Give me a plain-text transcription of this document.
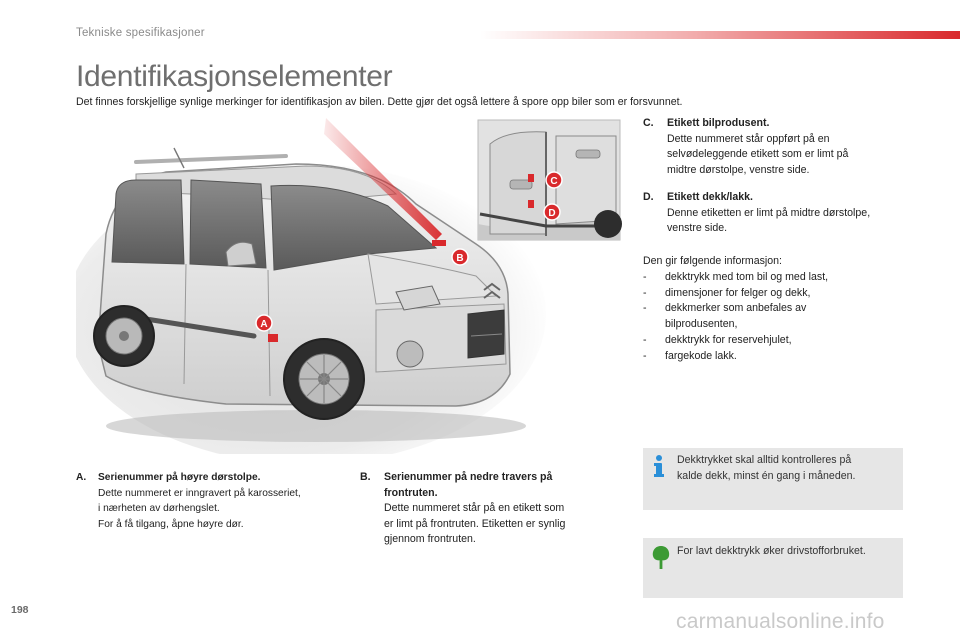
Tekniske spesifikasjoner
Identifikasjonselementer

Det finnes forskjellige synlige merkinger for identifikasjon av bilen. Dette gjør det også lettere å spore opp biler som er forsvunnet.

B
A
C
D
A.	Serienummer på høyre dørstolpe.
Dette nummeret er inngravert på karosseriet,
i nærheten av dørhengslet.
For å få tilgang, åpne høyre dør.
B.	Serienummer på nedre travers på
frontruten.
Dette nummeret står på en etikett som
er limt på frontruten. Etiketten er synlig
gjennom frontruten.
C.	Etikett bilprodusent.
Dette nummeret står oppført på en
selvødeleggende etikett som er limt på
midtre dørstolpe, venstre side.
D.	Etikett dekk/lakk.
Denne etiketten er limt på midtre dørstolpe,
venstre side.
Den gir følgende informasjon:
- dekktrykk med tom bil og med last,
- dimensjoner for felger og dekk,
- dekkmerker som anbefales av
bilprodusenten,
- dekktrykk for reservehjulet,
- fargekode lakk.
Dekktrykket skal alltid kontrolleres på
kalde dekk, minst én gang i måneden.
For lavt dekktrykk øker drivstofforbruket.
198	carmanualsonline.info
